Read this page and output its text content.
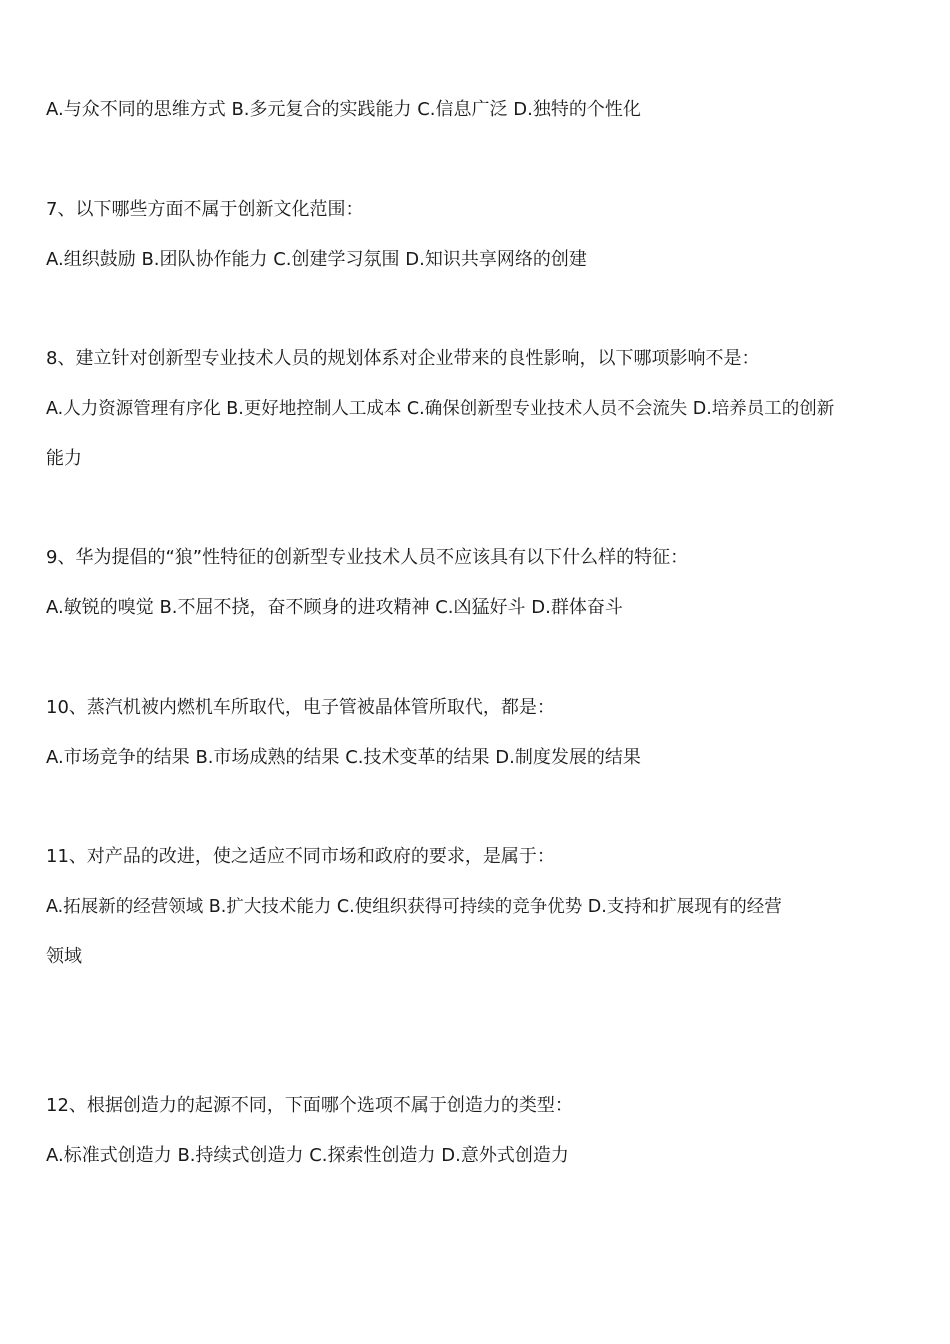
A.与众不同的思维方式 B.多元复合的实践能力 C.信息广泛 D.独特的个性化
7、以下哪些方面不属于创新文化范围：
A.组织鼓励 B.团队协作能力 C.创建学习氛围 D.知识共享网络的创建
8、建立针对创新型专业技术人员的规划体系对企业带来的良性影响，以下哪项影响不是：
A.人力资源管理有序化 B.更好地控制人工成本 C.确保创新型专业技术人员不会流失 D.培养员工的创新
能力
9、华为提倡的“狼”性特征的创新型专业技术人员不应该具有以下什么样的特征：
A.敏锐的嗅觉 B.不屈不挠，奋不顾身的进攻精神 C.凶猛好斗 D.群体奋斗
10、蒸汽机被内燃机车所取代，电子管被晶体管所取代，都是：
A.市场竞争的结果 B.市场成熟的结果 C.技术变革的结果 D.制度发展的结果
11、对产品的改进，使之适应不同市场和政府的要求，是属于：
A.拓展新的经营领域 B.扩大技术能力 C.使组织获得可持续的竞争优势 D.支持和扩展现有的经营
领域
12、根据创造力的起源不同，下面哪个选项不属于创造力的类型：
A.标准式创造力 B.持续式创造力 C.探索性创造力 D.意外式创造力
